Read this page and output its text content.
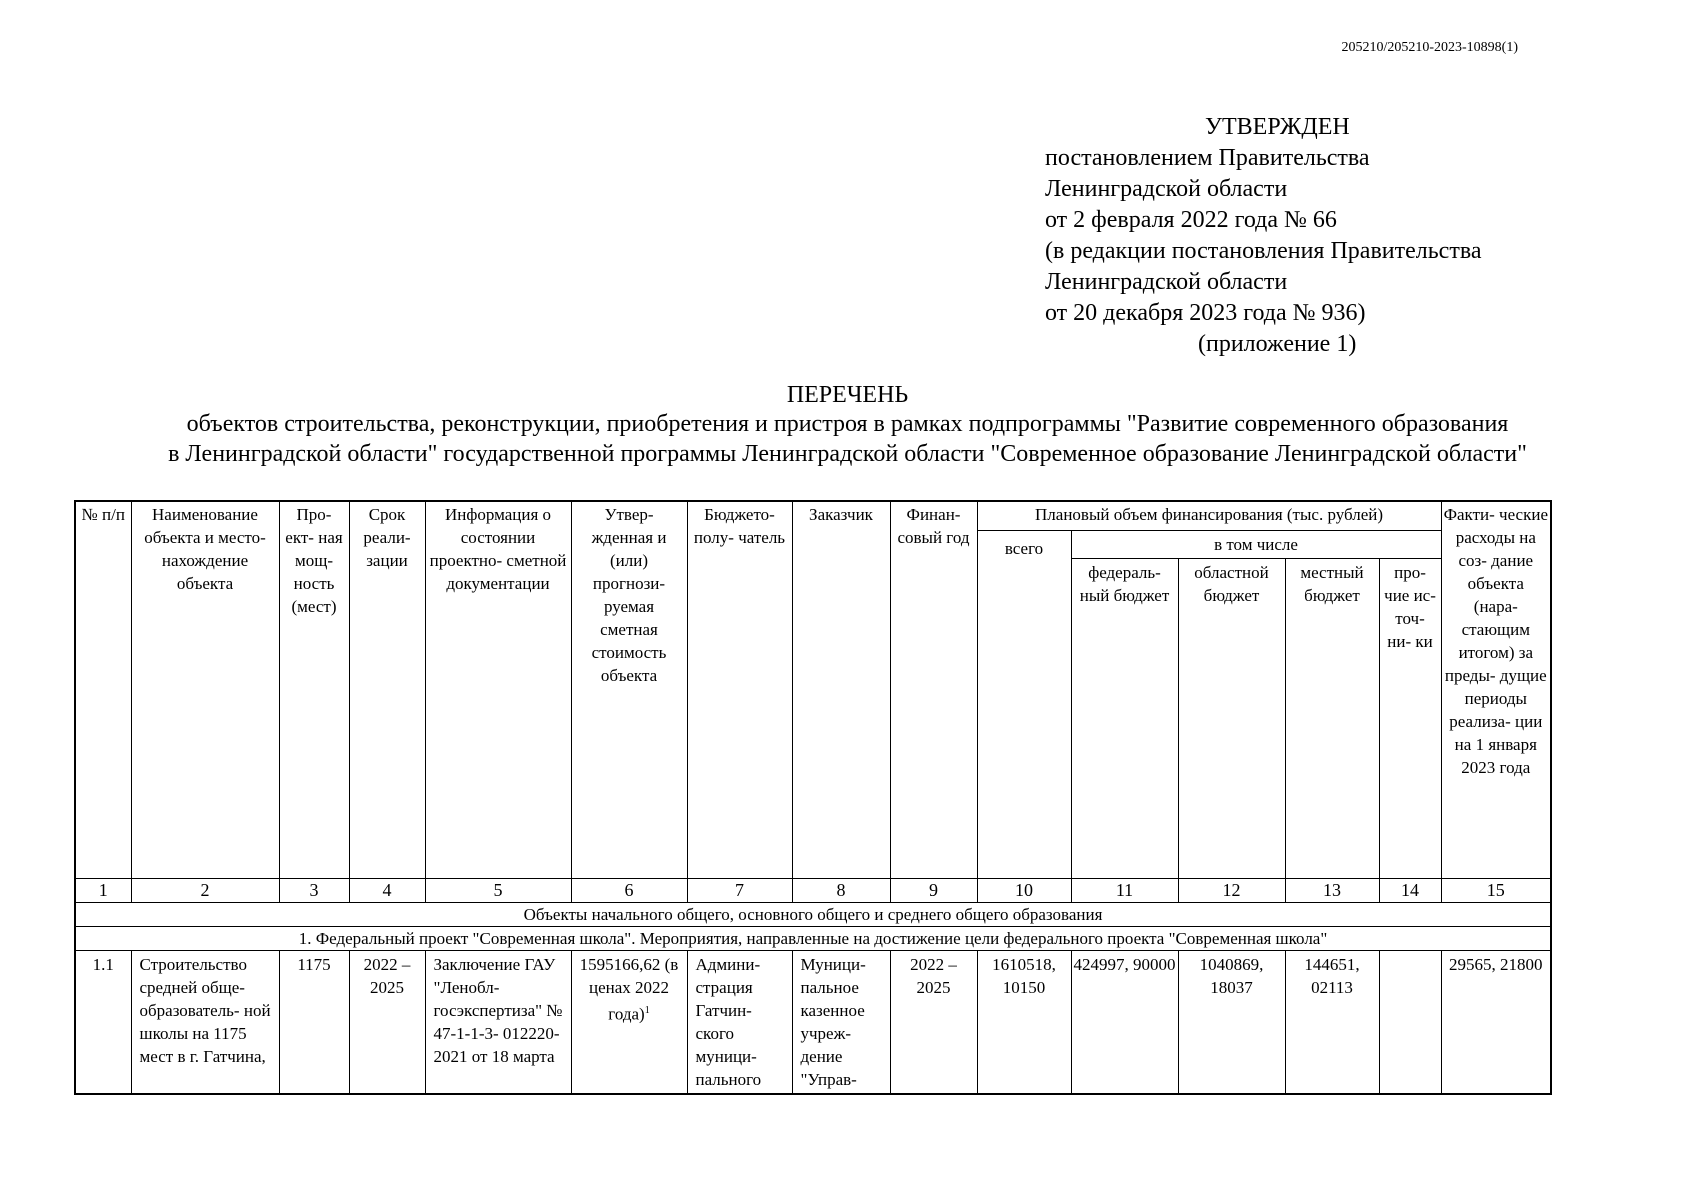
205210/205210-2023-10898(1)
УТВЕРЖДЕН
постановлением Правительства
Ленинградской области
от 2 февраля 2022 года № 66
(в редакции постановления Правительства
Ленинградской области
от 20 декабря 2023 года № 936)
(приложение 1)
ПЕРЕЧЕНЬ
объектов строительства, реконструкции, приобретения и пристроя в рамках подпрограммы "Развитие современного образования
в Ленинградской области" государственной программы Ленинградской области "Современное образование Ленинградской области"
№ п/п	Наименование объекта и место- нахождение объекта	Про- ект- ная мощ- ность (мест)	Срок реали- зации	Информация о состоянии проектно- сметной документации	Утвер- жденная и (или) прогнози- руемая сметная стоимость объекта	Бюджето- полу- чатель	Заказчик	Финан- совый год	Плановый объем финансирования (тыс. рублей)					Факти- ческие расходы на соз- дание объекта (нара- стающим итогом) за преды- дущие периоды реализа- ции на 1 января 2023 года
									всего	в том числе				
										федераль- ный бюджет	областной бюджет	местный бюджет	про- чие ис- точ- ни- ки	
1	2	3	4	5	6	7	8	9	10	11	12	13	14	15
Объекты начального общего, основного общего и среднего общего образования														
1. Федеральный проект "Современная школа". Мероприятия, направленные на достижение цели федерального проекта "Современная школа"														
1.1	Строительство средней обще- образователь- ной школы на 1175 мест в г. Гатчина,	1175	2022 – 2025	Заключение ГАУ "Ленобл- госэкспертиза" № 47-1-1-3- 012220-2021 от 18 марта	1595166,62 (в ценах 2022 года)$^1$	Админи- страция Гатчин- ского муници- пального	Муници- пальное казенное учреж- дение "Управ-	2022 – 2025	1610518, 10150	424997, 90000	1040869, 18037	144651, 02113		29565, 21800
